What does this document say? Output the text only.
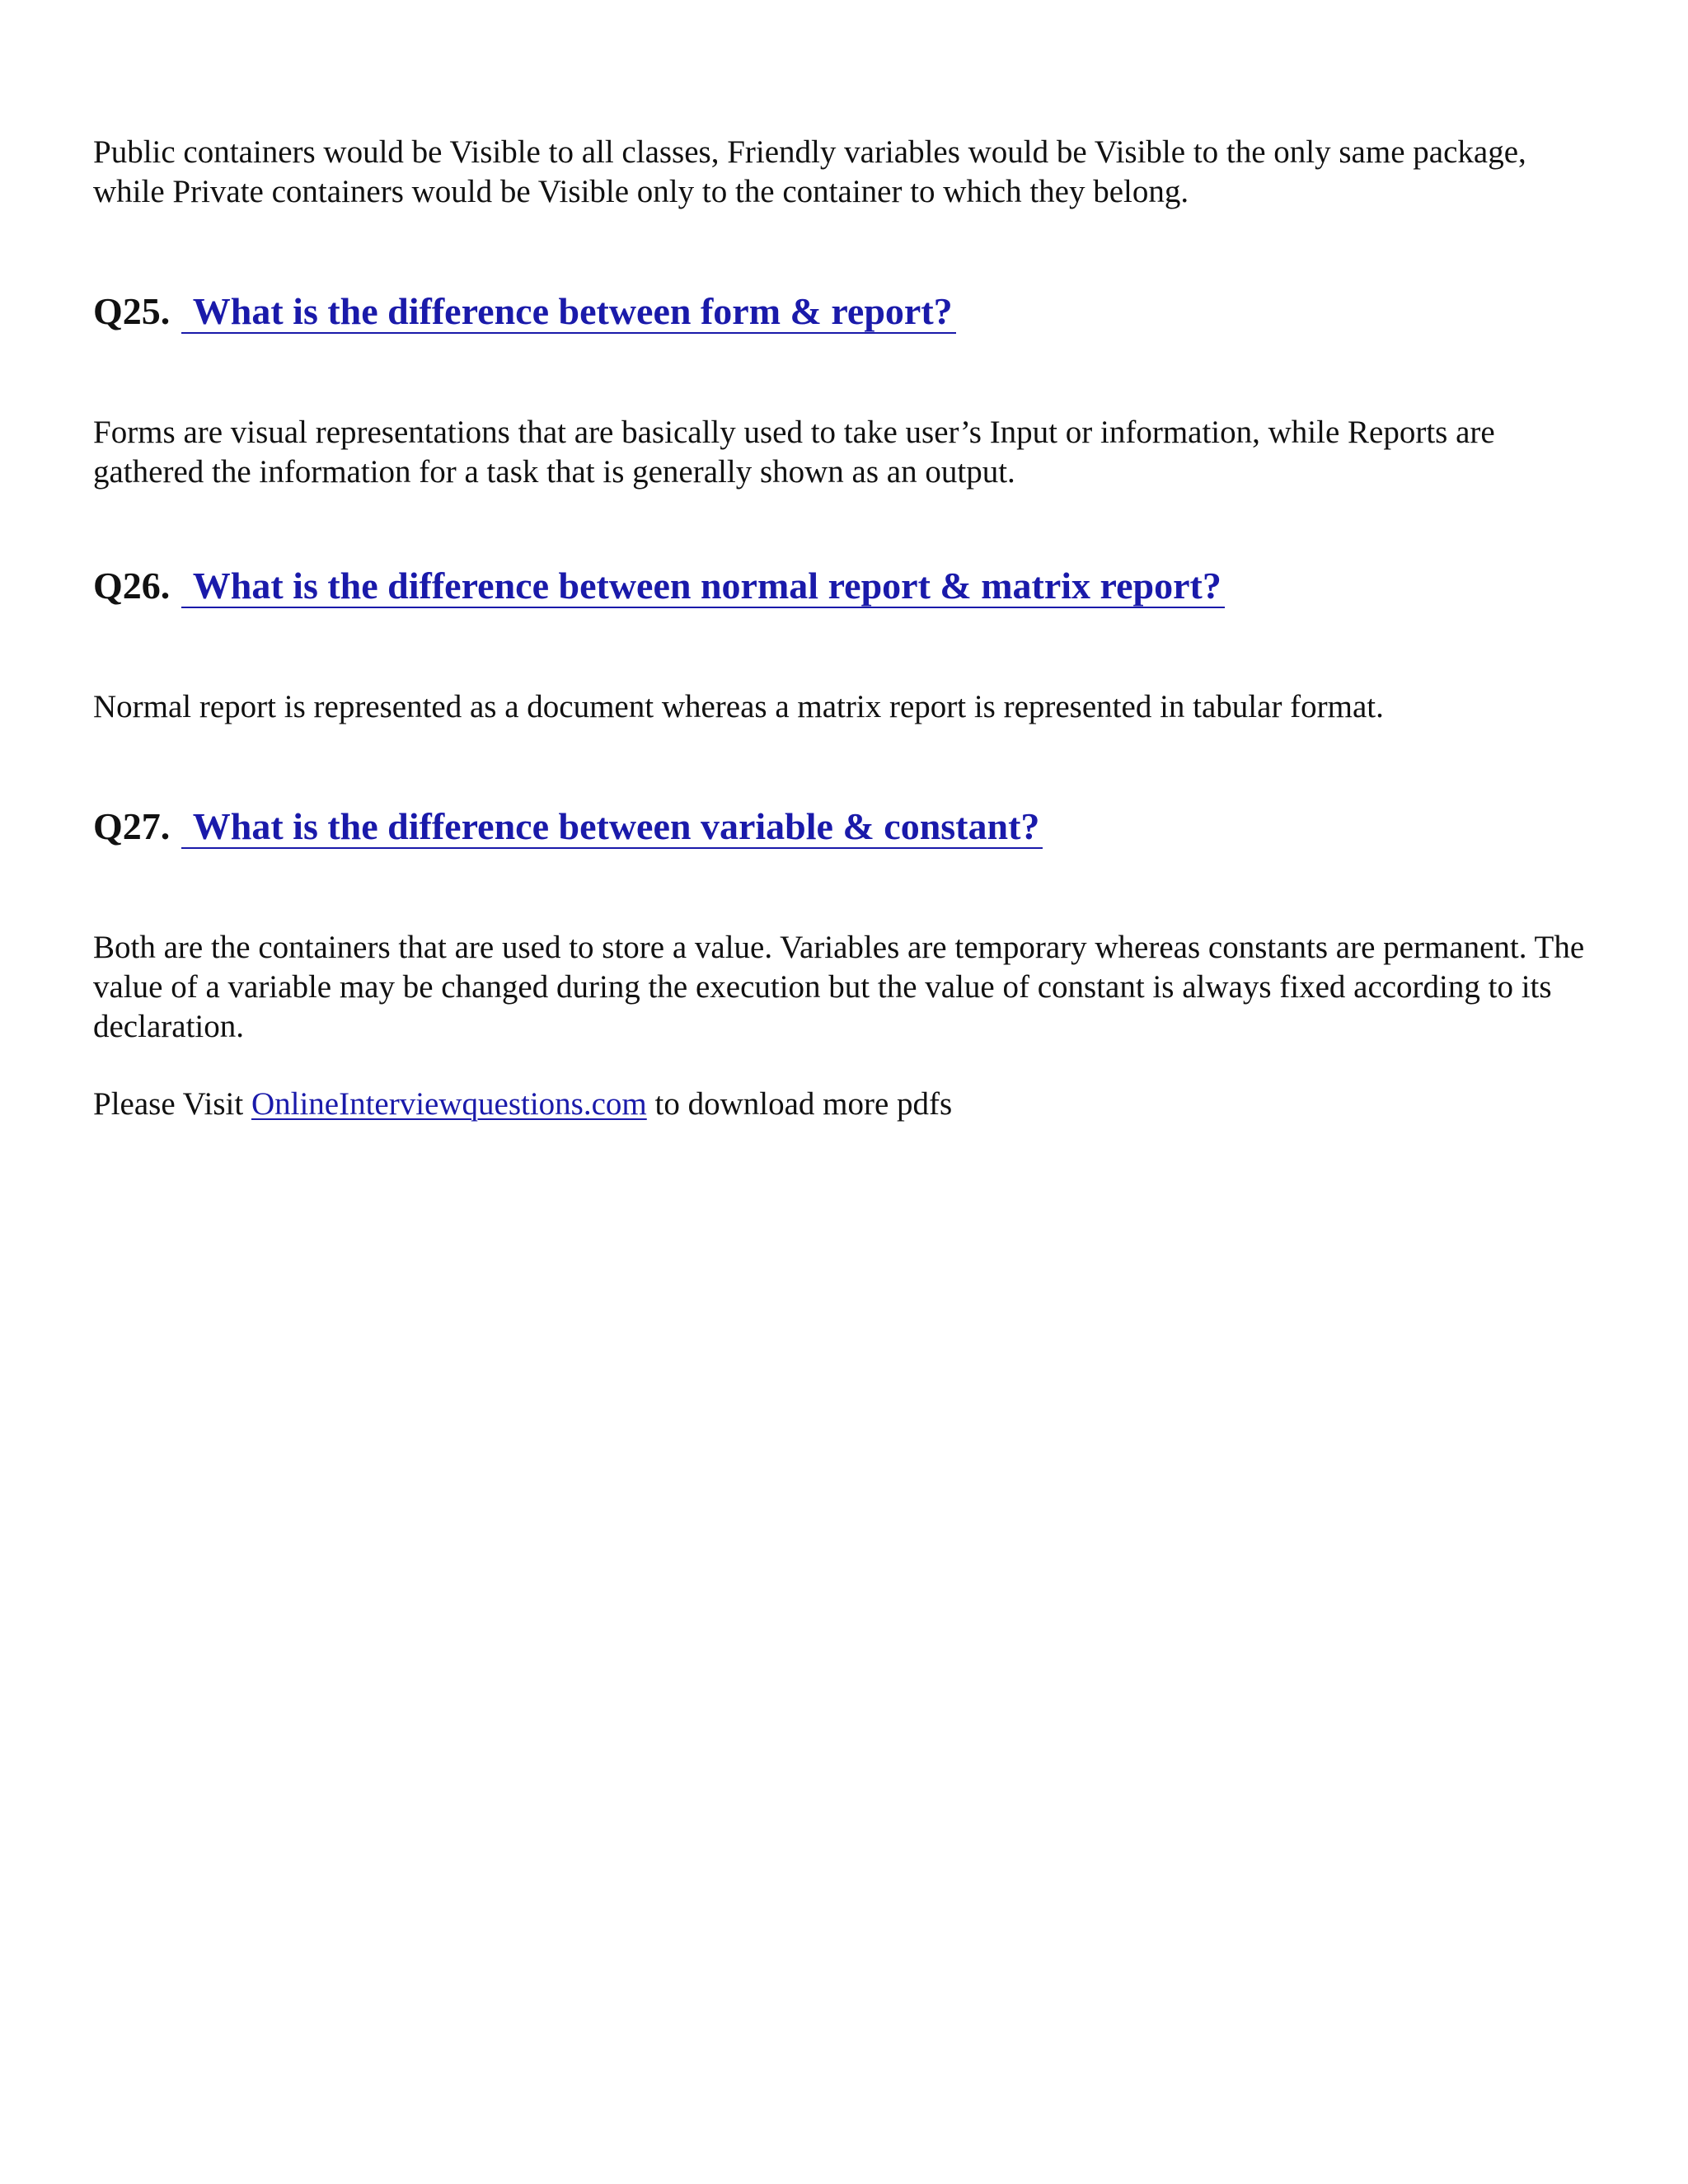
Public containers would be Visible to all classes, Friendly variables would be Visible to the only same package, while Private containers would be Visible only to the container to which they belong.

Q25. What is the difference between form & report?

Forms are visual representations that are basically used to take user’s Input or information, while Reports are gathered the information for a task that is generally shown as an output.

Q26. What is the difference between normal report & matrix report?

Normal report is represented as a document whereas a matrix report is represented in tabular format.

Q27. What is the difference between variable & constant?

Both are the containers that are used to store a value. Variables are temporary whereas constants are permanent. The value of a variable may be changed during the execution but the value of constant is always fixed according to its declaration.

Please Visit OnlineInterviewquestions.com to download more pdfs
